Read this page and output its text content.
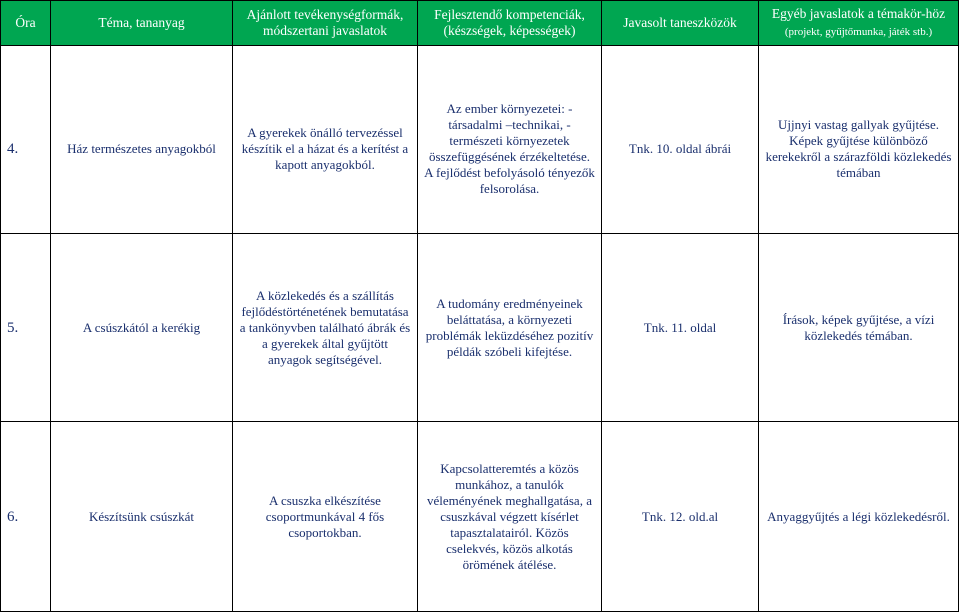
Óra	Téma, tananyag	Ajánlott tevékenységformák, módszertani javaslatok	Fejlesztendő kompetenciák, (készségek, képességek)	Javasolt taneszközök	Egyéb javaslatok a témakör-höz (projekt, gyűjtőmunka, játék stb.)

4.	Ház természetes anyagokból	A gyerekek önálló tervezéssel készítik el a házat és a kerítést a kapott anyagokból.	Az ember környezetei: - társadalmi –technikai, - természeti környezetek összefüggésének érzékeltetése. A fejlődést befolyásoló tényezők felsorolása.	Tnk. 10. oldal ábrái	Ujjnyi vastag gallyak gyűjtése. Képek gyűjtése különböző kerekekről a szárazföldi közlekedés témában
5.	A csúszkától a kerékig	A közlekedés és a szállítás fejlődéstörténetének bemutatása a tankönyvben található ábrák és a gyerekek által gyűjtött anyagok segítségével.	A tudomány eredményeinek beláttatása, a környezeti problémák leküzdéséhez pozitív példák szóbeli kifejtése.	Tnk. 11. oldal	Írások, képek gyűjtése, a vízi közlekedés témában.
6.	Készítsünk csúszkát	A csuszka elkészítése csoportmunkával 4 fős csoportokban.	Kapcsolatteremtés a közös munkához, a tanulók véleményének meghallgatása, a csuszkával végzett kísérlet tapasztalatairól. Közös cselekvés, közös alkotás örömének átélése.	Tnk. 12. old.al	Anyaggyűjtés a légi közlekedésről.
